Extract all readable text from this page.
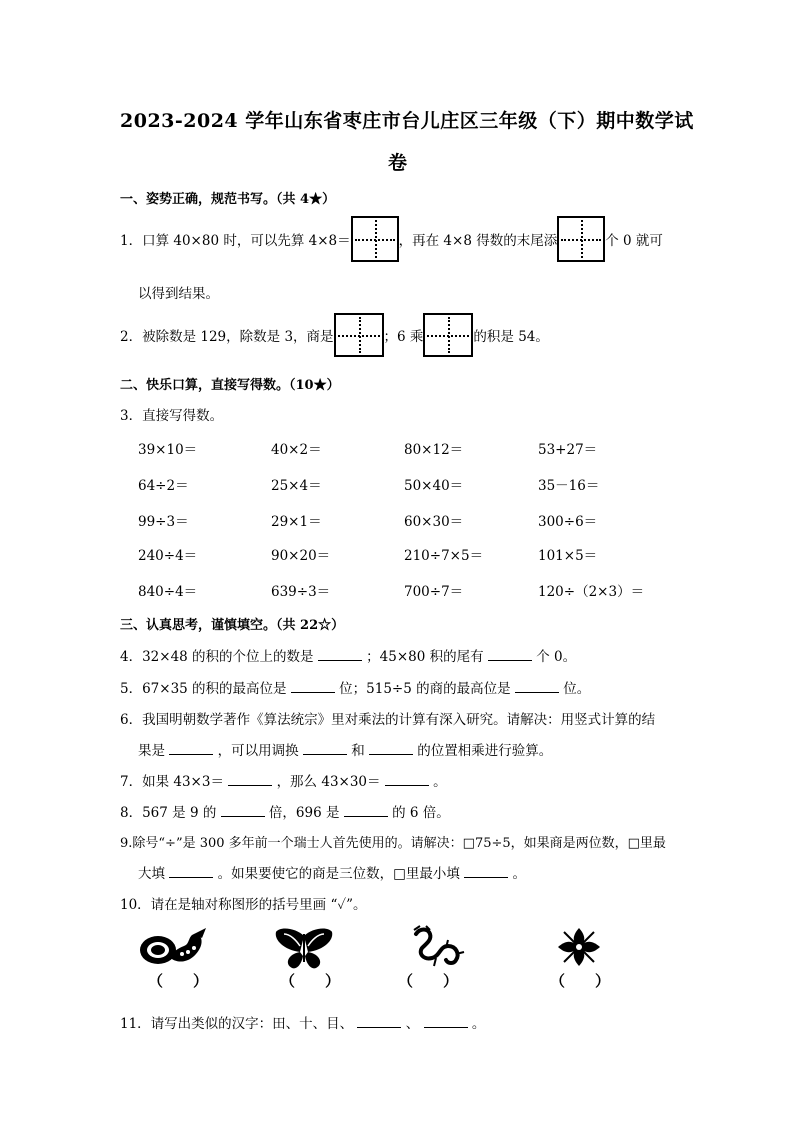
2023-2024 学年山东省枣庄市台儿庄区三年级（下）期中数学试
卷
一、姿势正确，规范书写。（共 4★）
1．口算 40×80 时，可以先算 4×8＝	，再在 4×8 得数的末尾添	个 0 就可
以得到结果。
2．被除数是 129，除数是 3，商是	；6 乘	的积是 54。
二、快乐口算，直接写得数。（10★）
3．直接写得数。
39×10＝	40×2＝	80×12＝	53+27＝
64÷2＝	25×4＝	50×40＝	35－16＝
99÷3＝	29×1＝	60×30＝	300÷6＝
240÷4＝	90×20＝	210÷7×5＝	101×5＝
840÷4＝	639÷3＝	700÷7＝	120÷（2×3）＝
三、认真思考，谨慎填空。（共 22☆）
4．32×48 的积的个位上的数是	；45×80 积的尾有	个 0。
5．67×35 的积的最高位是	位；515÷5 的商的最高位是	位。
6．我国明朝数学著作《算法统宗》里对乘法的计算有深入研究。请解决：用竖式计算的结
果是	，可以用调换	和	的位置相乘进行验算。
7．如果 43×3＝	，那么 43×30＝	。
8．567 是 9 的	倍，696 是	的 6 倍。
9.除号“÷”是 300 多年前一个瑞士人首先使用的。请解决：□75÷5，如果商是两位数，□里最
大填	。如果要使它的商是三位数，□里最小填	。
10．请在是轴对称图形的括号里画 “✓”。
（　　）	（　　）	（　　）	（　　）
11．请写出类似的汉字：田、十、目、	、	。
